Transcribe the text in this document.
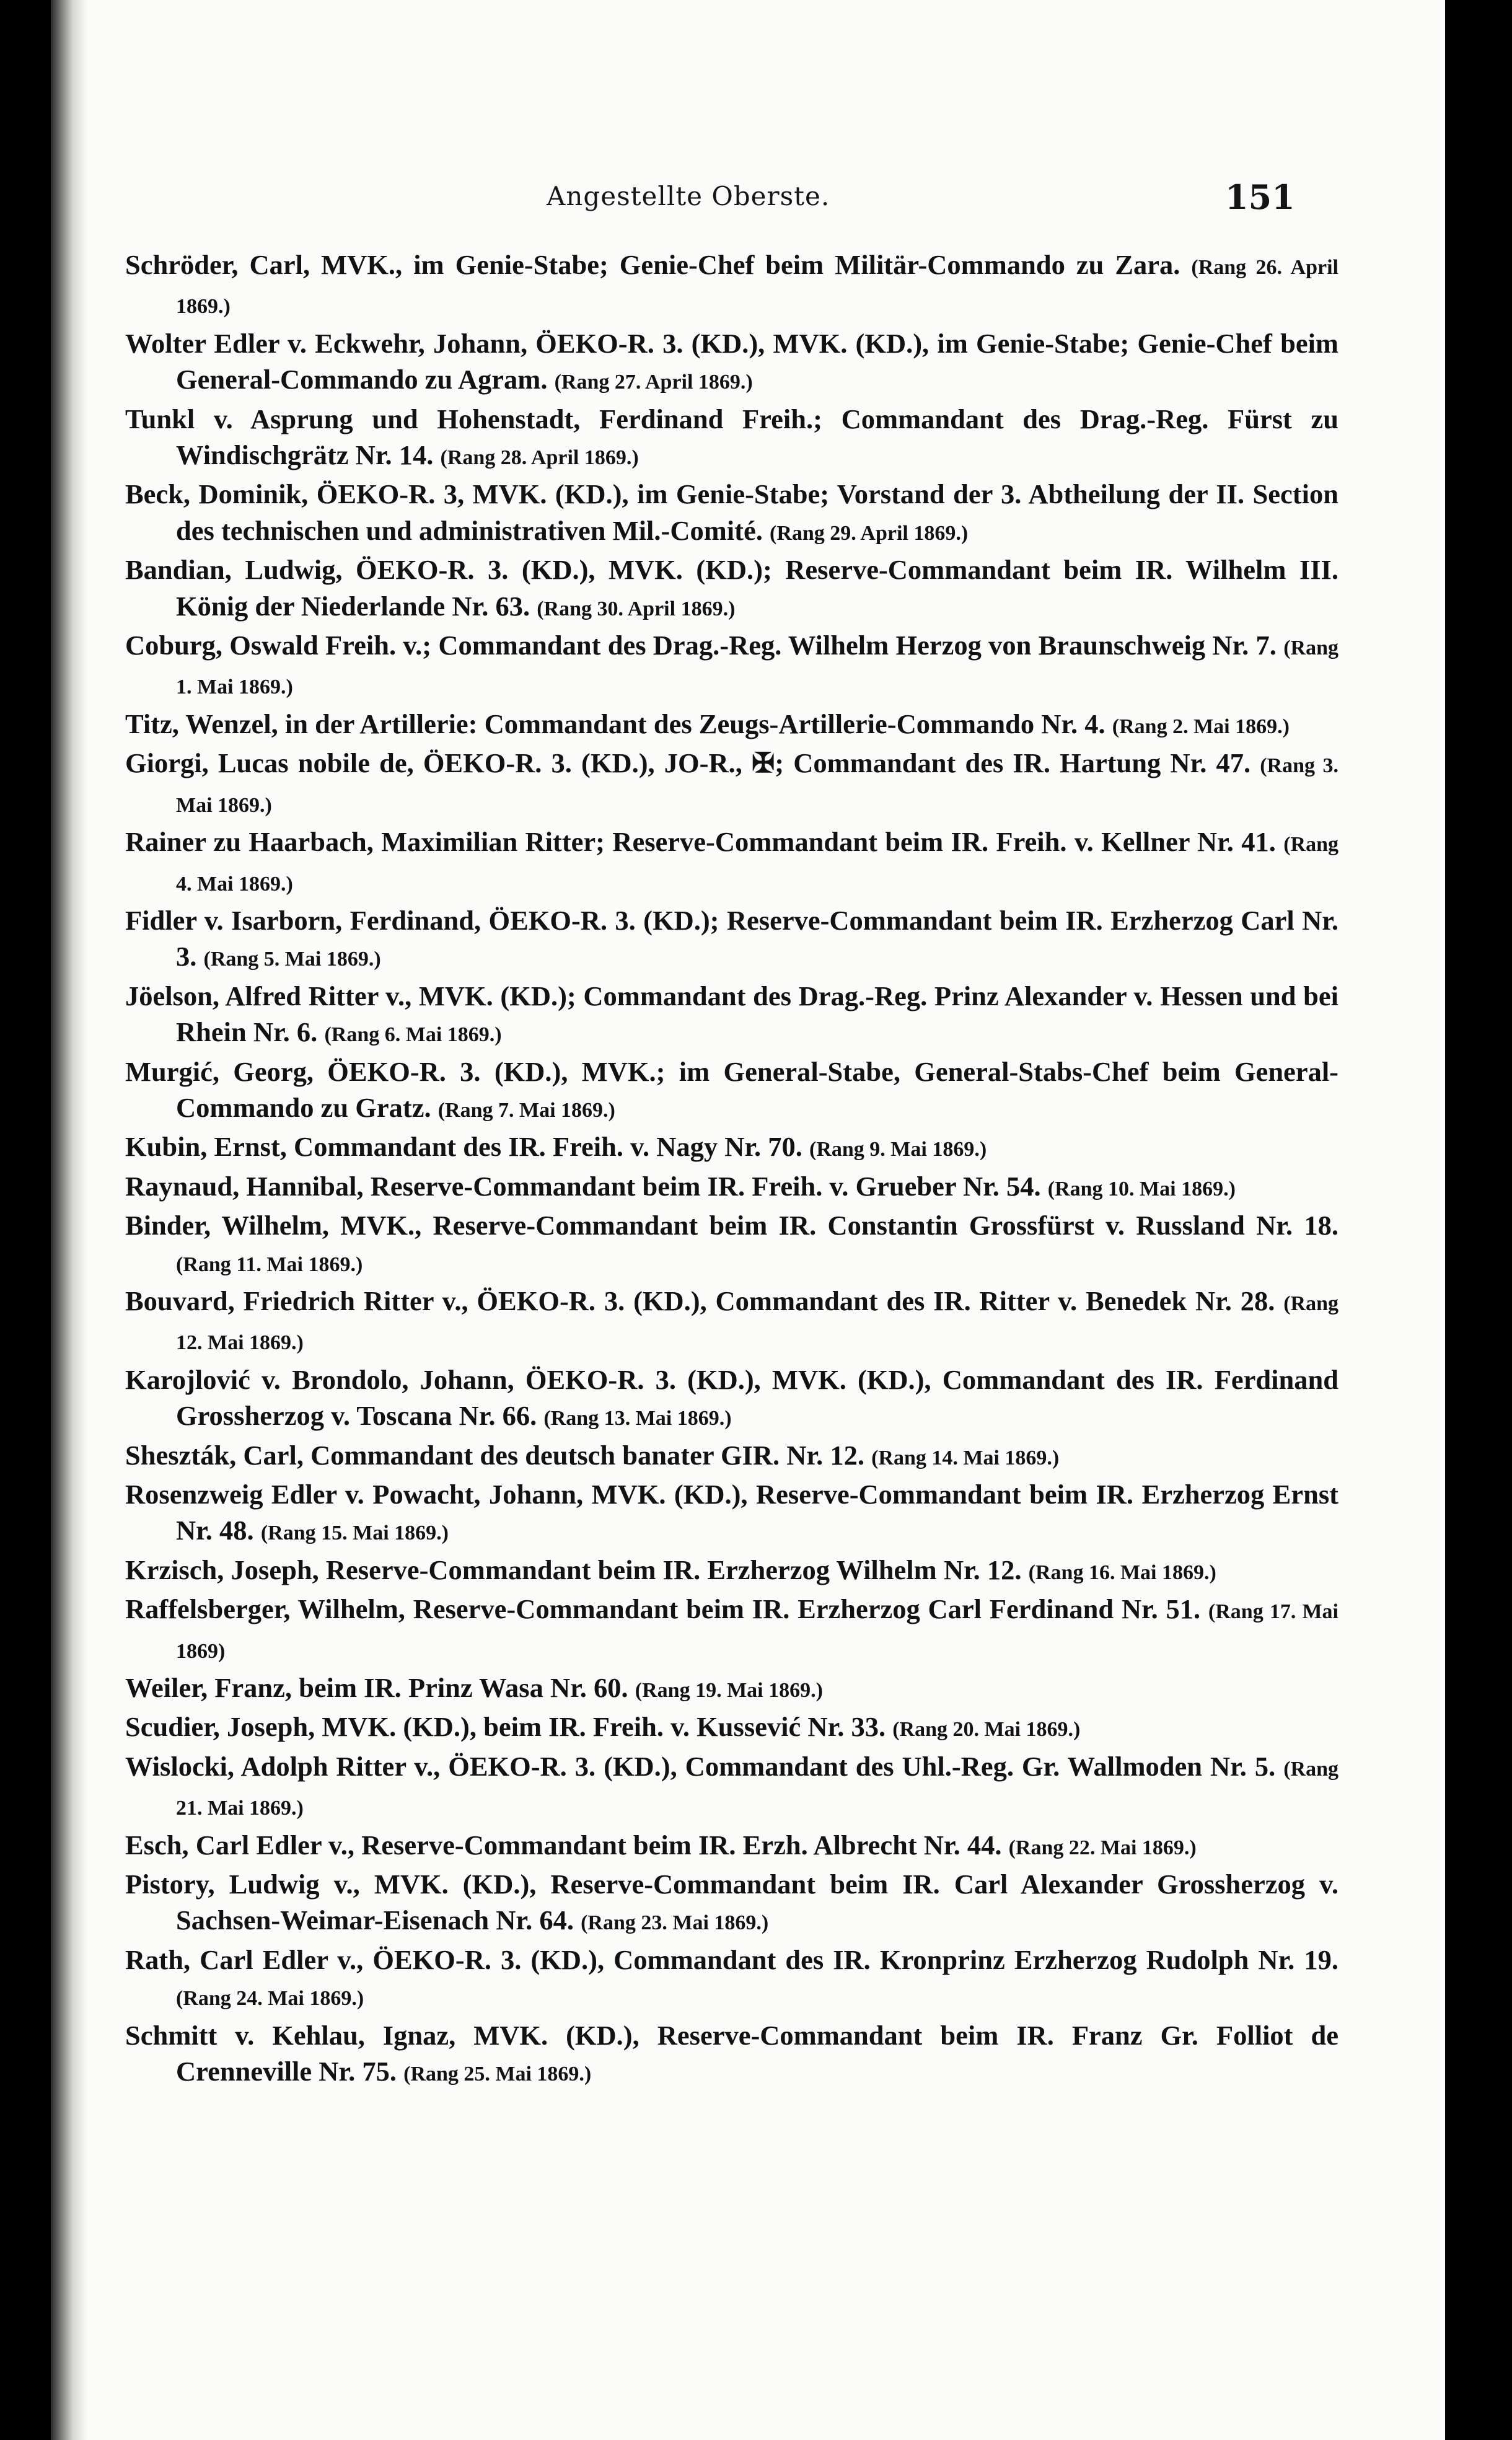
Angestellte Oberste.	151

Schröder, Carl, MVK., im Genie-Stabe; Genie-Chef beim Militär-Commando zu Zara. (Rang 26. April 1869.)

Wolter Edler v. Eckwehr, Johann, ÖEKO-R. 3. (KD.), MVK. (KD.), im Genie-Stabe; Genie-Chef beim General-Commando zu Agram. (Rang 27. April 1869.)

Tunkl v. Asprung und Hohenstadt, Ferdinand Freih.; Commandant des Drag.-Reg. Fürst zu Windischgrätz Nr. 14. (Rang 28. April 1869.)

Beck, Dominik, ÖEKO-R. 3, MVK. (KD.), im Genie-Stabe; Vorstand der 3. Abtheilung der II. Section des technischen und administrativen Mil.-Comité. (Rang 29. April 1869.)

Bandian, Ludwig, ÖEKO-R. 3. (KD.), MVK. (KD.); Reserve-Commandant beim IR. Wilhelm III. König der Niederlande Nr. 63. (Rang 30. April 1869.)

Coburg, Oswald Freih. v.; Commandant des Drag.-Reg. Wilhelm Herzog von Braunschweig Nr. 7. (Rang 1. Mai 1869.)

Titz, Wenzel, in der Artillerie: Commandant des Zeugs-Artillerie-Commando Nr. 4. (Rang 2. Mai 1869.)

Giorgi, Lucas nobile de, ÖEKO-R. 3. (KD.), JO-R., ✠; Commandant des IR. Hartung Nr. 47. (Rang 3. Mai 1869.)

Rainer zu Haarbach, Maximilian Ritter; Reserve-Commandant beim IR. Freih. v. Kellner Nr. 41. (Rang 4. Mai 1869.)

Fidler v. Isarborn, Ferdinand, ÖEKO-R. 3. (KD.); Reserve-Commandant beim IR. Erzherzog Carl Nr. 3. (Rang 5. Mai 1869.)

Jöelson, Alfred Ritter v., MVK. (KD.); Commandant des Drag.-Reg. Prinz Alexander v. Hessen und bei Rhein Nr. 6. (Rang 6. Mai 1869.)

Murgić, Georg, ÖEKO-R. 3. (KD.), MVK.; im General-Stabe, General-Stabs-Chef beim General-Commando zu Gratz. (Rang 7. Mai 1869.)

Kubin, Ernst, Commandant des IR. Freih. v. Nagy Nr. 70. (Rang 9. Mai 1869.)

Raynaud, Hannibal, Reserve-Commandant beim IR. Freih. v. Grueber Nr. 54. (Rang 10. Mai 1869.)

Binder, Wilhelm, MVK., Reserve-Commandant beim IR. Constantin Grossfürst v. Russland Nr. 18. (Rang 11. Mai 1869.)

Bouvard, Friedrich Ritter v., ÖEKO-R. 3. (KD.), Commandant des IR. Ritter v. Benedek Nr. 28. (Rang 12. Mai 1869.)

Karojlović v. Brondolo, Johann, ÖEKO-R. 3. (KD.), MVK. (KD.), Commandant des IR. Ferdinand Grossherzog v. Toscana Nr. 66. (Rang 13. Mai 1869.)

Sheszták, Carl, Commandant des deutsch banater GIR. Nr. 12. (Rang 14. Mai 1869.)

Rosenzweig Edler v. Powacht, Johann, MVK. (KD.), Reserve-Commandant beim IR. Erzherzog Ernst Nr. 48. (Rang 15. Mai 1869.)

Krzisch, Joseph, Reserve-Commandant beim IR. Erzherzog Wilhelm Nr. 12. (Rang 16. Mai 1869.)

Raffelsberger, Wilhelm, Reserve-Commandant beim IR. Erzherzog Carl Ferdinand Nr. 51. (Rang 17. Mai 1869)

Weiler, Franz, beim IR. Prinz Wasa Nr. 60. (Rang 19. Mai 1869.)

Scudier, Joseph, MVK. (KD.), beim IR. Freih. v. Kussević Nr. 33. (Rang 20. Mai 1869.)

Wislocki, Adolph Ritter v., ÖEKO-R. 3. (KD.), Commandant des Uhl.-Reg. Gr. Wallmoden Nr. 5. (Rang 21. Mai 1869.)

Esch, Carl Edler v., Reserve-Commandant beim IR. Erzh. Albrecht Nr. 44. (Rang 22. Mai 1869.)

Pistory, Ludwig v., MVK. (KD.), Reserve-Commandant beim IR. Carl Alexander Grossherzog v. Sachsen-Weimar-Eisenach Nr. 64. (Rang 23. Mai 1869.)

Rath, Carl Edler v., ÖEKO-R. 3. (KD.), Commandant des IR. Kronprinz Erzherzog Rudolph Nr. 19. (Rang 24. Mai 1869.)

Schmitt v. Kehlau, Ignaz, MVK. (KD.), Reserve-Commandant beim IR. Franz Gr. Folliot de Crenneville Nr. 75. (Rang 25. Mai 1869.)
